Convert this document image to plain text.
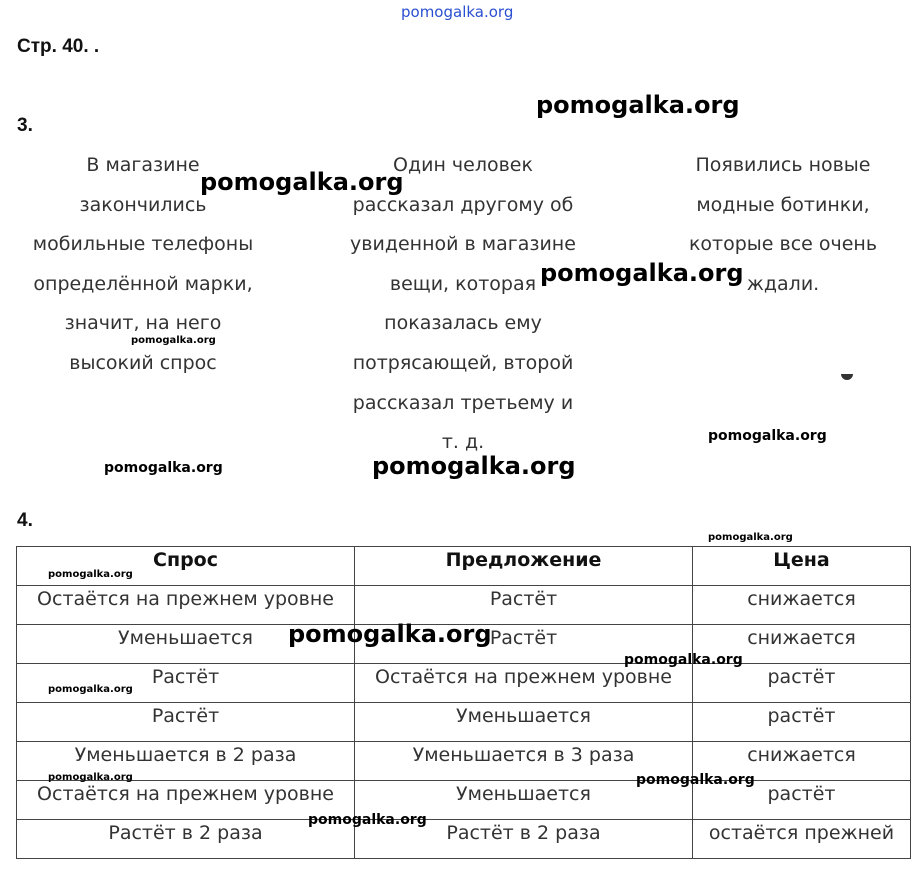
Стр. 40. .
3.
4.

В магазине

закончились

мобильные телефоны

определённой марки,

значит, на него

высокий спрос

Один человек

рассказал другому об

увиденной в магазине

вещи, которая

показалась ему

потрясающей, второй

рассказал третьему и

т. д.

Появились новые

модные ботинки,

которые все очень

ждали.

Спрос	Предложение	Цена
Остаётся на прежнем уровне	Растёт	снижается
Уменьшается	Растёт	снижается
Растёт	Остаётся на прежнем уровне	растёт
Растёт	Уменьшается	растёт
Уменьшается в 2 раза	Уменьшается в 3 раза	снижается
Остаётся на прежнем уровне	Уменьшается	растёт
Растёт в 2 раза	Растёт в 2 раза	остаётся прежней
pomogalka.org
pomogalka.org
pomogalka.org
pomogalka.org
pomogalka.org
pomogalka.org
pomogalka.org	pomogalka.org
pomogalka.org
pomogalka.org
pomogalka.org
pomogalka.org
pomogalka.org
pomogalka.org	pomogalka.org
pomogalka.org
